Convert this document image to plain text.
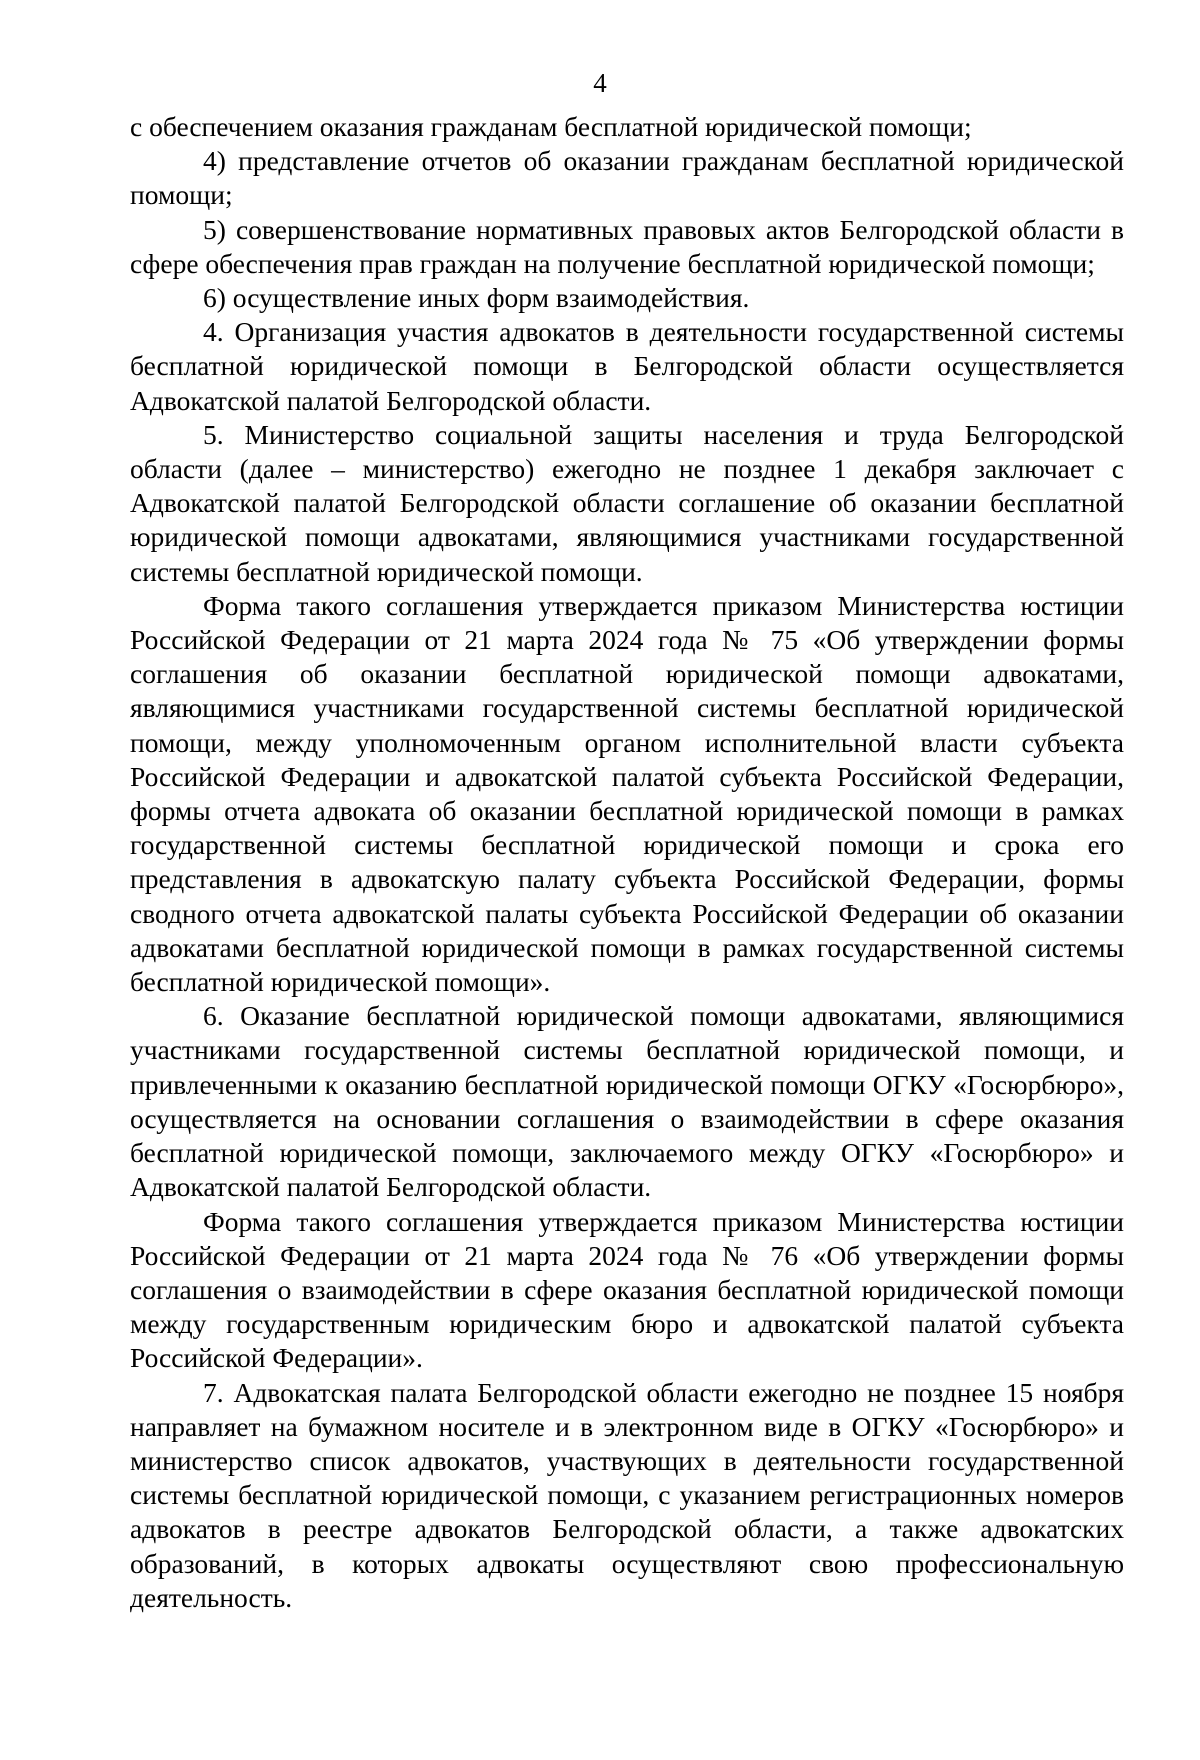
4

с обеспечением оказания гражданам бесплатной юридической помощи;

4) представление отчетов об оказании гражданам бесплатной юридической помощи;

5) совершенствование нормативных правовых актов Белгородской области в сфере обеспечения прав граждан на получение бесплатной юридической помощи;

6) осуществление иных форм взаимодействия.

4. Организация участия адвокатов в деятельности государственной системы бесплатной юридической помощи в Белгородской области осуществляется Адвокатской палатой Белгородской области.

5. Министерство социальной защиты населения и труда Белгородской области (далее – министерство) ежегодно не позднее 1 декабря заключает с Адвокатской палатой Белгородской области соглашение об оказании бесплатной юридической помощи адвокатами, являющимися участниками государственной системы бесплатной юридической помощи.

Форма такого соглашения утверждается приказом Министерства юстиции Российской Федерации от 21 марта 2024 года № 75 «Об утверждении формы соглашения об оказании бесплатной юридической помощи адвокатами, являющимися участниками государственной системы бесплатной юридической помощи, между уполномоченным органом исполнительной власти субъекта Российской Федерации и адвокатской палатой субъекта Российской Федерации, формы отчета адвоката об оказании бесплатной юридической помощи в рамках государственной системы бесплатной юридической помощи и срока его представления в адвокатскую палату субъекта Российской Федерации, формы сводного отчета адвокатской палаты субъекта Российской Федерации об оказании адвокатами бесплатной юридической помощи в рамках государственной системы бесплатной юридической помощи».

6. Оказание бесплатной юридической помощи адвокатами, являющимися участниками государственной системы бесплатной юридической помощи, и привлеченными к оказанию бесплатной юридической помощи ОГКУ «Госюрбюро», осуществляется на основании соглашения о взаимодействии в сфере оказания бесплатной юридической помощи, заключаемого между ОГКУ «Госюрбюро» и Адвокатской палатой Белгородской области.

Форма такого соглашения утверждается приказом Министерства юстиции Российской Федерации от 21 марта 2024 года № 76 «Об утверждении формы соглашения о взаимодействии в сфере оказания бесплатной юридической помощи между государственным юридическим бюро и адвокатской палатой субъекта Российской Федерации».

7. Адвокатская палата Белгородской области ежегодно не позднее 15 ноября направляет на бумажном носителе и в электронном виде в ОГКУ «Госюрбюро» и министерство список адвокатов, участвующих в деятельности государственной системы бесплатной юридической помощи, с указанием регистрационных номеров адвокатов в реестре адвокатов Белгородской области, а также адвокатских образований, в которых адвокаты осуществляют свою профессиональную деятельность.
